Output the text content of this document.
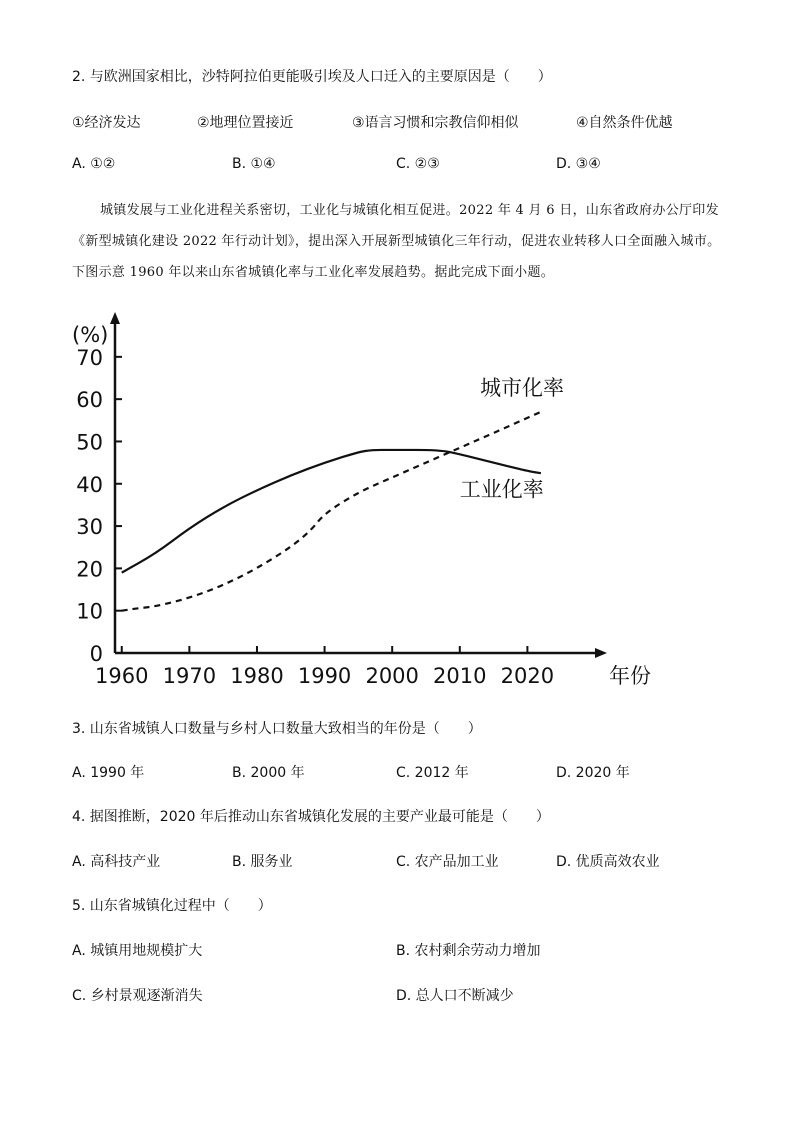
2. 与欧洲国家相比，沙特阿拉伯更能吸引埃及人口迁入的主要原因是（　　）
①经济发达	②地理位置接近	③语言习惯和宗教信仰相似	④自然条件优越
A. ①②	B. ①④	C. ②③	D. ③④
城镇发展与工业化进程关系密切，工业化与城镇化相互促进。2022 年 4 月 6 日，山东省政府办公厅印发《新型城镇化建设 2022 年行动计划》，提出深入开展新型城镇化三年行动，促进农业转移人口全面融入城市。下图示意 1960 年以来山东省城镇化率与工业化率发展趋势。据此完成下面小题。
0
10
20
30
40
50
60
70
1960 1970 1980 1990 2000 2010 2020
(%)
年份
城市化率
工业化率
3. 山东省城镇人口数量与乡村人口数量大致相当的年份是（　　）
A. 1990 年	B. 2000 年	C. 2012 年	D. 2020 年
4. 据图推断，2020 年后推动山东省城镇化发展的主要产业最可能是（　　）
A. 高科技产业	B. 服务业	C. 农产品加工业	D. 优质高效农业
5. 山东省城镇化过程中（　　）
A. 城镇用地规模扩大	B. 农村剩余劳动力增加
C. 乡村景观逐渐消失	D. 总人口不断减少
